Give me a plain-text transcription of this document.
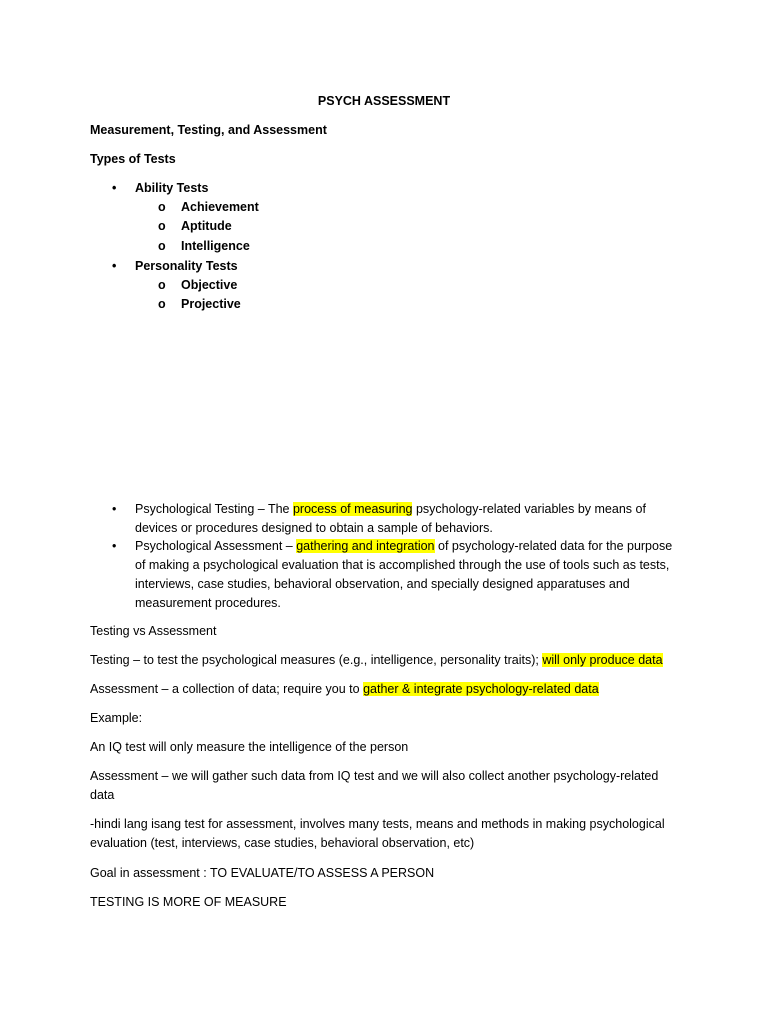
PSYCH ASSESSMENT
Measurement, Testing, and Assessment
Types of Tests
•	Ability Tests
o Achievement
o Aptitude
o Intelligence
•	Personality Tests
o Objective
o Projective
•	Psychological Testing – The process of measuring psychology-related variables by means of devices or procedures designed to obtain a sample of behaviors.
•	Psychological Assessment – gathering and integration of psychology-related data for the purpose of making a psychological evaluation that is accomplished through the use of tools such as tests, interviews, case studies, behavioral observation, and specially designed apparatuses and measurement procedures.
Testing vs Assessment
Testing – to test the psychological measures (e.g., intelligence, personality traits); will only produce data
Assessment – a collection of data; require you to gather & integrate psychology-related data
Example:
An IQ test will only measure the intelligence of the person
Assessment – we will gather such data from IQ test and we will also collect another psychology-related data
-hindi lang isang test for assessment, involves many tests, means and methods in making psychological evaluation (test, interviews, case studies, behavioral observation, etc)
Goal in assessment : TO EVALUATE/TO ASSESS A PERSON
TESTING IS MORE OF MEASURE
